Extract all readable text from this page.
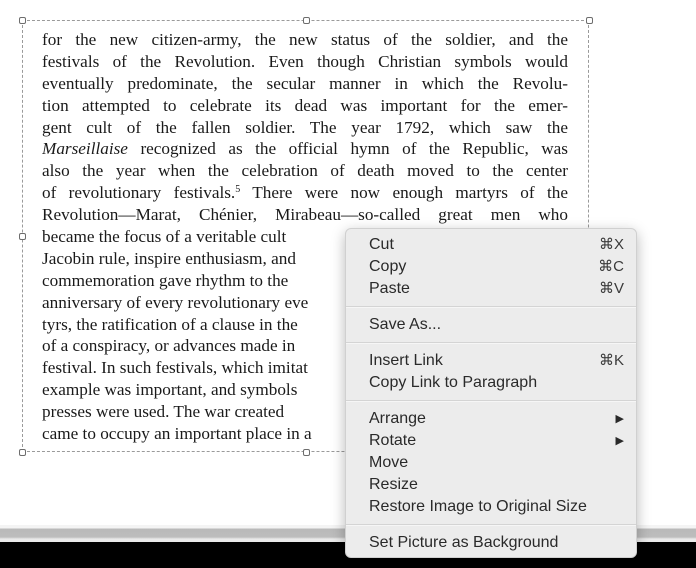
for the new citizen-army, the new status of the soldier, and the
festivals of the Revolution. Even though Christian symbols would
eventually predominate, the secular manner in which the Revolu-
tion attempted to celebrate its dead was important for the emer-
gent cult of the fallen soldier. The year 1792, which saw the
Marseillaise recognized as the official hymn of the Republic, was
also the year when the celebration of death moved to the center
of revolutionary festivals.$^5$ There were now enough martyrs of the
Revolution—Marat, Chénier, Mirabeau—so-called great men who
became the focus of a veritable cult
Jacobin rule, inspire enthusiasm, and
commemoration gave rhythm to the
anniversary of every revolutionary eve
tyrs, the ratification of a clause in the
of a conspiracy, or advances made in
festival. In such festivals, which imitat
example was important, and symbols
presses were used. The war created
came to occupy an important place in a
Cut	⌘X
Copy	⌘C
Paste	⌘V
Save As...
Insert Link	⌘K
Copy Link to Paragraph
Arrange	▶
Rotate	▶
Move
Resize
Restore Image to Original Size
Set Picture as Background
